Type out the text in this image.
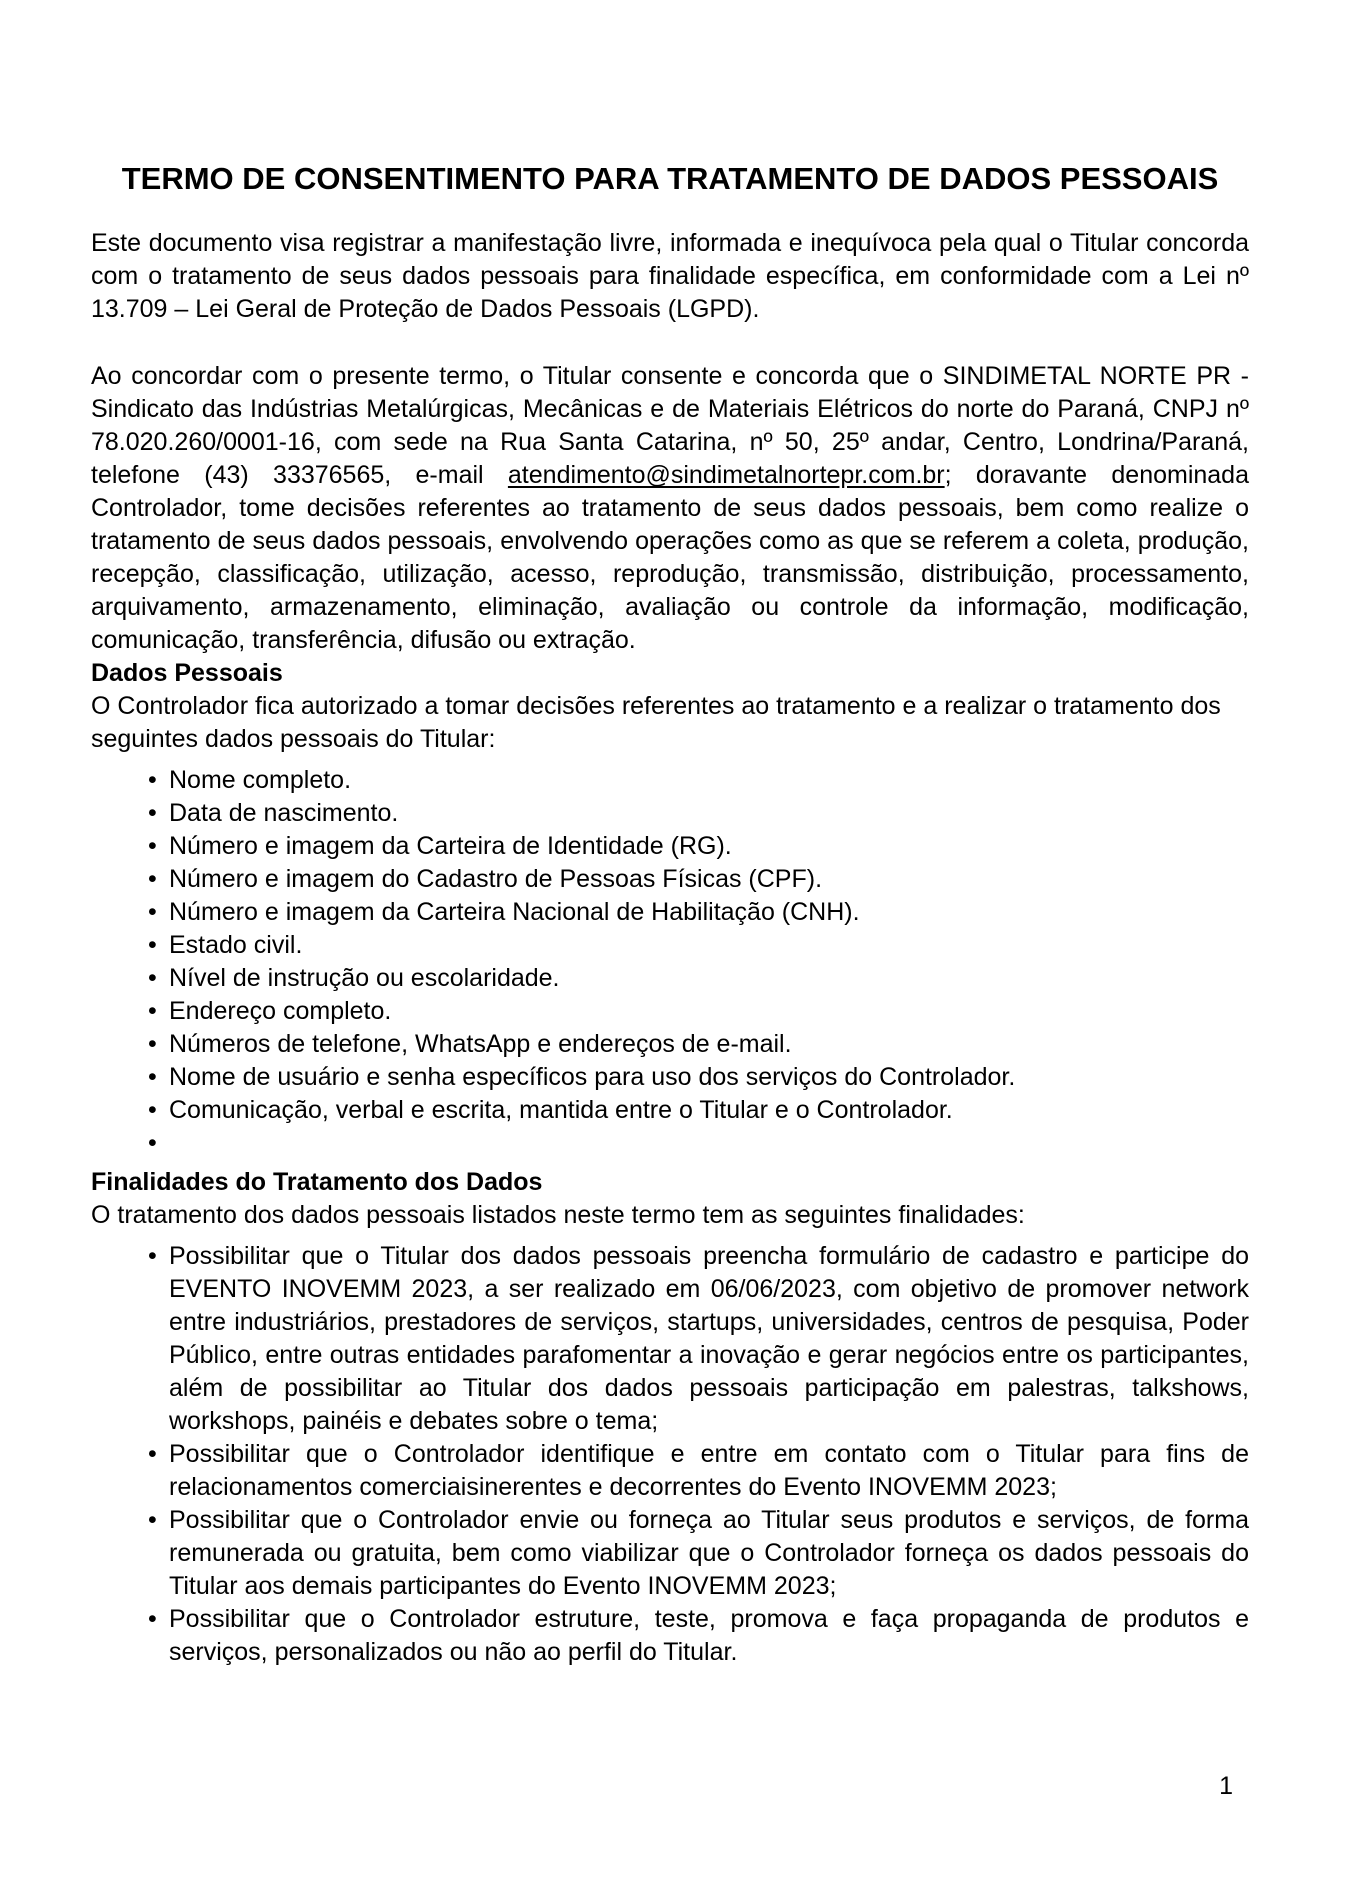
TERMO DE CONSENTIMENTO PARA TRATAMENTO DE DADOS PESSOAIS

Este documento visa registrar a manifestação livre, informada e inequívoca pela qual o Titular concorda com o tratamento de seus dados pessoais para finalidade específica, em conformidade com a Lei nº 13.709 – Lei Geral de Proteção de Dados Pessoais (LGPD).

Ao concordar com o presente termo, o Titular consente e concorda que o SINDIMETAL NORTE PR - Sindicato das Indústrias Metalúrgicas, Mecânicas e de Materiais Elétricos do norte do Paraná, CNPJ nº 78.020.260/0001-16, com sede na Rua Santa Catarina, nº 50, 25º andar, Centro, Londrina/Paraná, telefone (43) 33376565, e-mail atendimento@sindimetalnortepr.com.br; doravante denominada Controlador, tome decisões referentes ao tratamento de seus dados pessoais, bem como realize o tratamento de seus dados pessoais, envolvendo operações como as que se referem a coleta, produção, recepção, classificação, utilização, acesso, reprodução, transmissão, distribuição, processamento, arquivamento, armazenamento, eliminação, avaliação ou controle da informação, modificação, comunicação, transferência, difusão ou extração.

Dados Pessoais

O Controlador fica autorizado a tomar decisões referentes ao tratamento e a realizar o tratamento dos seguintes dados pessoais do Titular:

• Nome completo.
• Data de nascimento.
• Número e imagem da Carteira de Identidade (RG).
• Número e imagem do Cadastro de Pessoas Físicas (CPF).
• Número e imagem da Carteira Nacional de Habilitação (CNH).
• Estado civil.
• Nível de instrução ou escolaridade.
• Endereço completo.
• Números de telefone, WhatsApp e endereços de e-mail.
• Nome de usuário e senha específicos para uso dos serviços do Controlador.
• Comunicação, verbal e escrita, mantida entre o Titular e o Controlador.
•
Finalidades do Tratamento dos Dados

O tratamento dos dados pessoais listados neste termo tem as seguintes finalidades:

• Possibilitar que o Titular dos dados pessoais preencha formulário de cadastro e participe do EVENTO INOVEMM 2023, a ser realizado em 06/06/2023, com objetivo de promover network entre industriários, prestadores de serviços, startups, universidades, centros de pesquisa, Poder Público, entre outras entidades parafomentar a inovação e gerar negócios entre os participantes, além de possibilitar ao Titular dos dados pessoais participação em palestras, talkshows, workshops, painéis e debates sobre o tema;
• Possibilitar que o Controlador identifique e entre em contato com o Titular para fins de relacionamentos comerciaisinerentes e decorrentes do Evento INOVEMM 2023;
• Possibilitar que o Controlador envie ou forneça ao Titular seus produtos e serviços, de forma remunerada ou gratuita, bem como viabilizar que o Controlador forneça os dados pessoais do Titular aos demais participantes do Evento INOVEMM 2023;
• Possibilitar que o Controlador estruture, teste, promova e faça propaganda de produtos e serviços, personalizados ou não ao perfil do Titular.
1
